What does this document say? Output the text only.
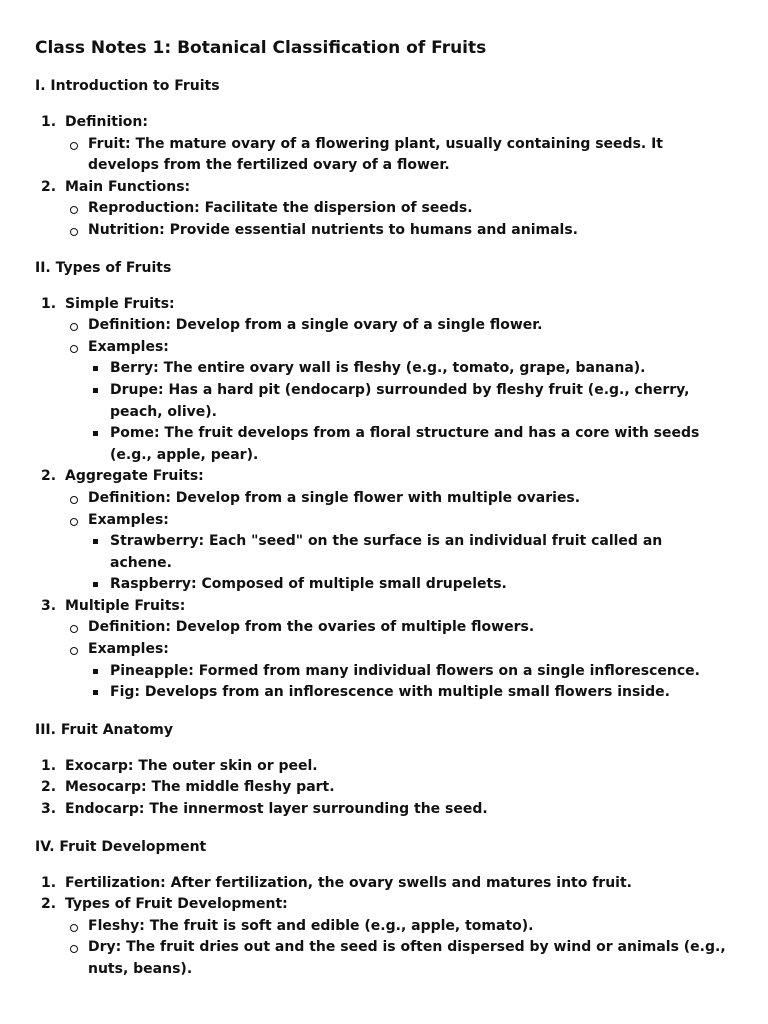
Class Notes 1: Botanical Classification of Fruits
I. Introduction to Fruits
1. Definition:
Fruit: The mature ovary of a flowering plant, usually containing seeds. It develops from the fertilized ovary of a flower.
2. Main Functions:
Reproduction: Facilitate the dispersion of seeds.
Nutrition: Provide essential nutrients to humans and animals.
II. Types of Fruits
1. Simple Fruits:
Definition: Develop from a single ovary of a single flower.
Examples:
Berry: The entire ovary wall is fleshy (e.g., tomato, grape, banana).
Drupe: Has a hard pit (endocarp) surrounded by fleshy fruit (e.g., cherry, peach, olive).
Pome: The fruit develops from a floral structure and has a core with seeds (e.g., apple, pear).
2. Aggregate Fruits:
Definition: Develop from a single flower with multiple ovaries.
Examples:
Strawberry: Each "seed" on the surface is an individual fruit called an achene.
Raspberry: Composed of multiple small drupelets.
3. Multiple Fruits:
Definition: Develop from the ovaries of multiple flowers.
Examples:
Pineapple: Formed from many individual flowers on a single inflorescence.
Fig: Develops from an inflorescence with multiple small flowers inside.
III. Fruit Anatomy
1. Exocarp: The outer skin or peel.
2. Mesocarp: The middle fleshy part.
3. Endocarp: The innermost layer surrounding the seed.
IV. Fruit Development
1. Fertilization: After fertilization, the ovary swells and matures into fruit.
2. Types of Fruit Development:
Fleshy: The fruit is soft and edible (e.g., apple, tomato).
Dry: The fruit dries out and the seed is often dispersed by wind or animals (e.g., nuts, beans).
